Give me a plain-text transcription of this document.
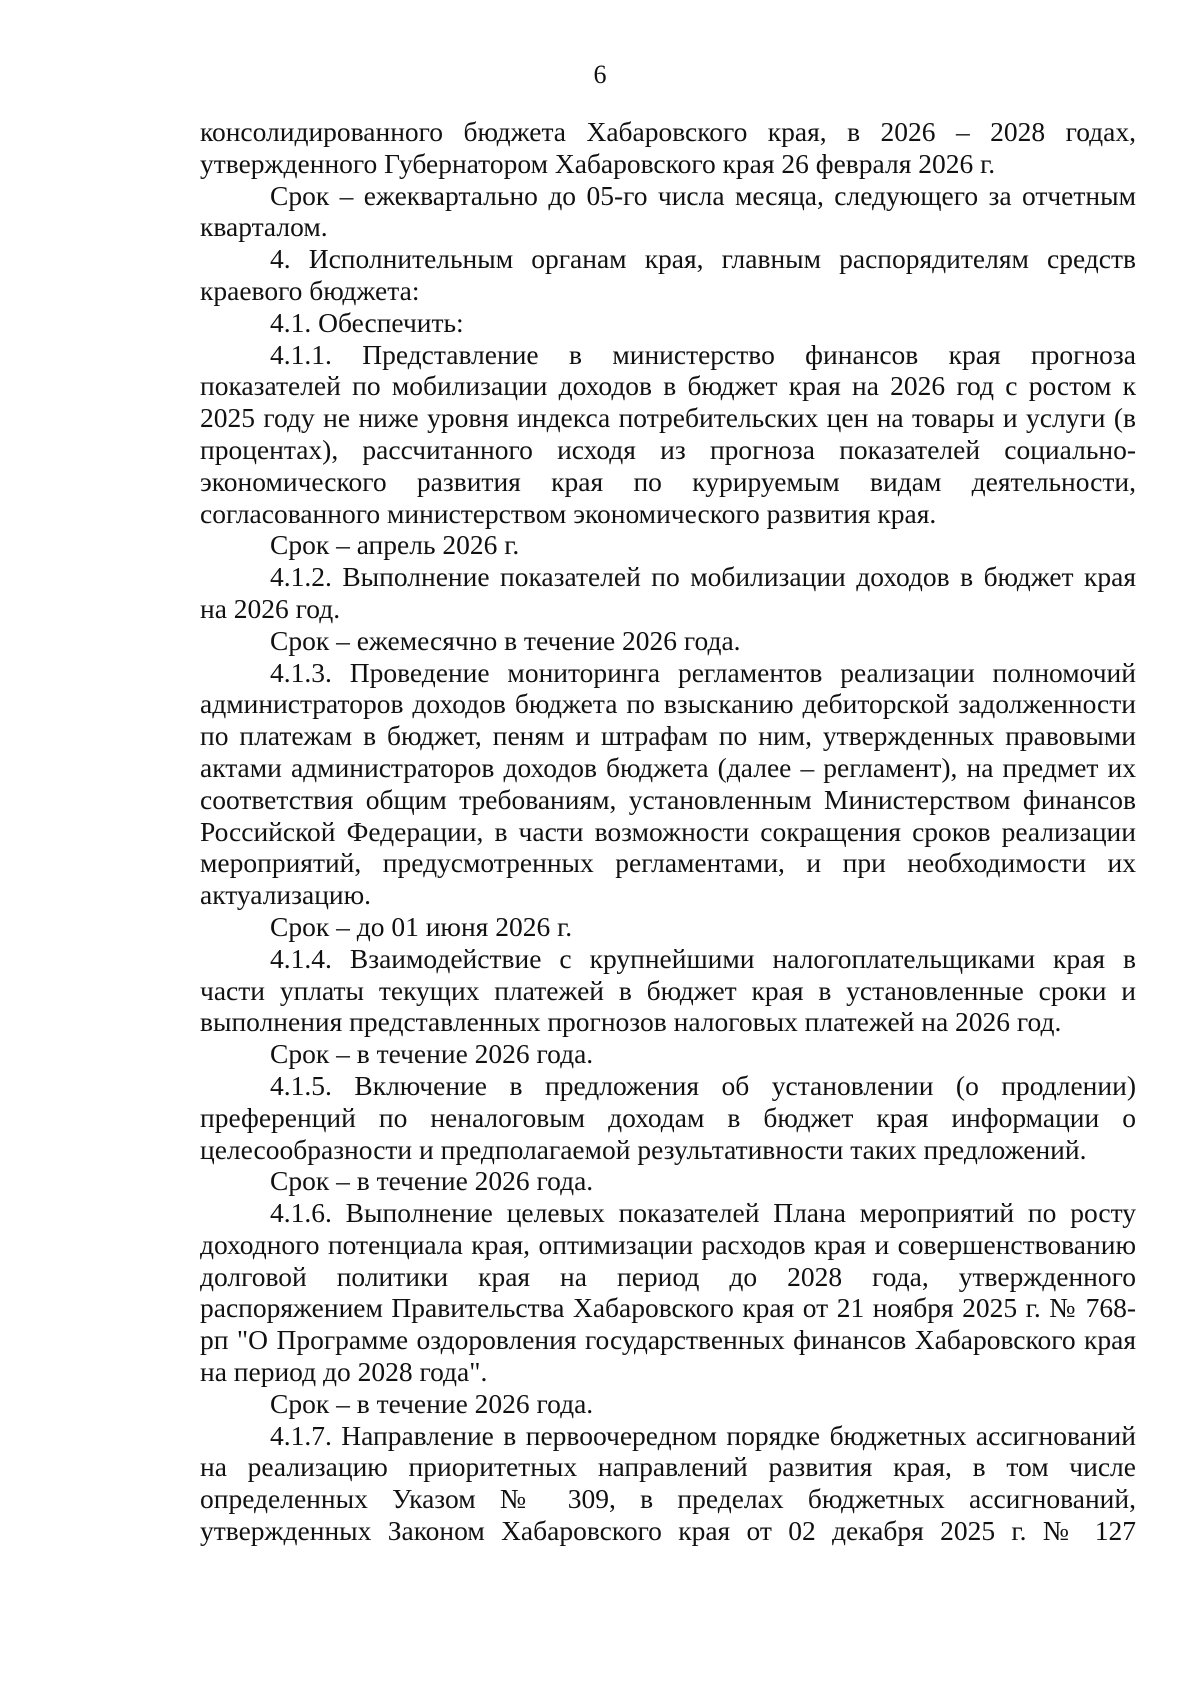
6

консолидированного бюджета Хабаровского края, в 2026 – 2028 годах, утвержденного Губернатором Хабаровского края 26 февраля 2026 г.

Срок – ежеквартально до 05-го числа месяца, следующего за отчетным кварталом.

4. Исполнительным органам края, главным распорядителям средств краевого бюджета:

4.1. Обеспечить:

4.1.1. Представление в министерство финансов края прогноза показателей по мобилизации доходов в бюджет края на 2026 год с ростом к 2025 году не ниже уровня индекса потребительских цен на товары и услуги (в процентах), рассчитанного исходя из прогноза показателей социально-экономического развития края по курируемым видам деятельности, согласованного министерством экономического развития края.

Срок – апрель 2026 г.

4.1.2. Выполнение показателей по мобилизации доходов в бюджет края на 2026 год.

Срок – ежемесячно в течение 2026 года.

4.1.3. Проведение мониторинга регламентов реализации полномочий администраторов доходов бюджета по взысканию дебиторской задолженности по платежам в бюджет, пеням и штрафам по ним, утвержденных правовыми актами администраторов доходов бюджета (далее – регламент), на предмет их соответствия общим требованиям, установленным Министерством финансов Российской Федерации, в части возможности сокращения сроков реализации мероприятий, предусмотренных регламентами, и при необходимости их актуализацию.

Срок – до 01 июня 2026 г.

4.1.4. Взаимодействие с крупнейшими налогоплательщиками края в части уплаты текущих платежей в бюджет края в установленные сроки и выполнения представленных прогнозов налоговых платежей на 2026 год.

Срок – в течение 2026 года.

4.1.5. Включение в предложения об установлении (о продлении) преференций по неналоговым доходам в бюджет края информации о целесообразности и предполагаемой результативности таких предложений.

Срок – в течение 2026 года.

4.1.6. Выполнение целевых показателей Плана мероприятий по росту доходного потенциала края, оптимизации расходов края и совершенствованию долговой политики края на период до 2028 года, утвержденного распоряжением Правительства Хабаровского края от 21 ноября 2025 г. № 768-рп "О Программе оздоровления государственных финансов Хабаровского края на период до 2028 года".

Срок – в течение 2026 года.

4.1.7. Направление в первоочередном порядке бюджетных ассигнований на реализацию приоритетных направлений развития края, в том числе определенных Указом № 309, в пределах бюджетных ассигнований, утвержденных Законом Хабаровского края от 02 декабря 2025 г. № 127
